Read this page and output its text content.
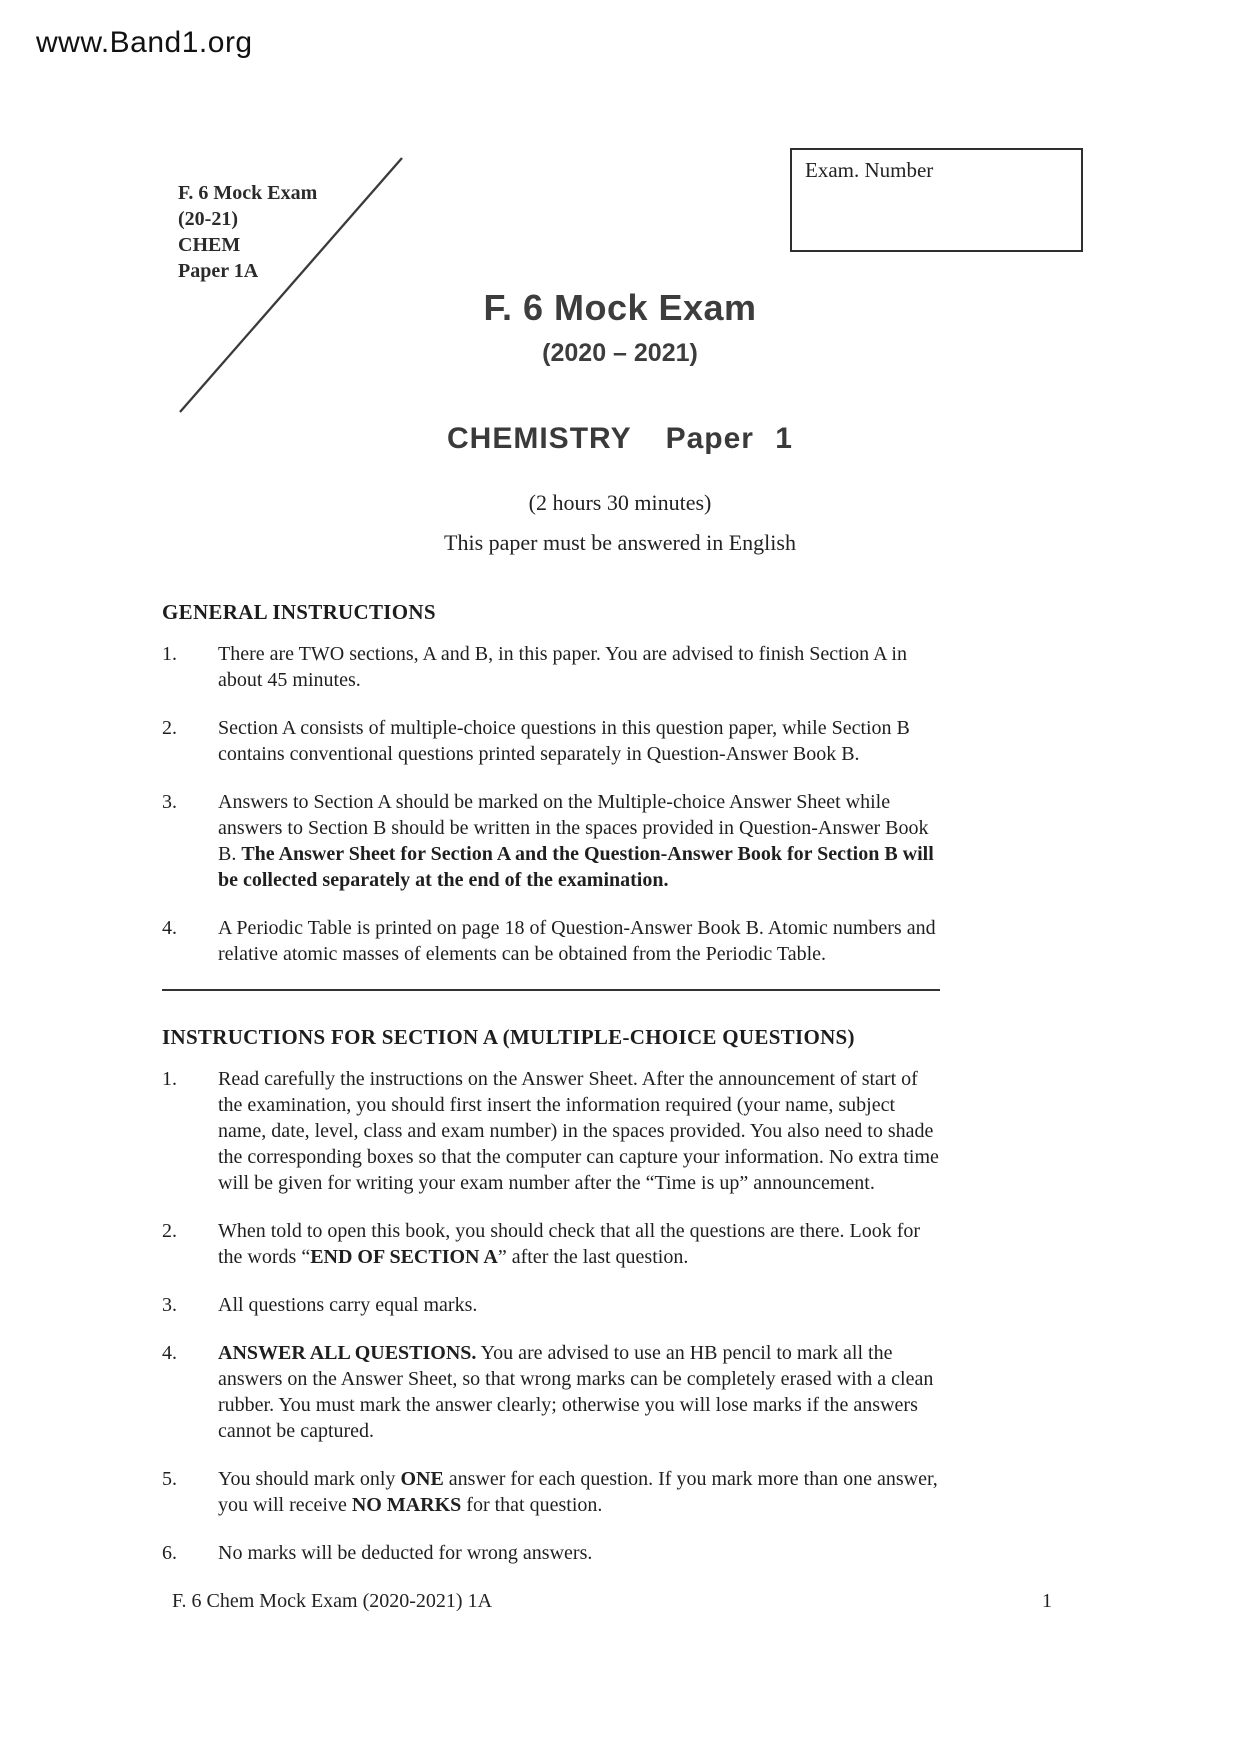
www.Band1.org
F. 6 Mock Exam
(20-21)
CHEM
Paper 1A
Exam. Number
F. 6 Mock Exam
(2020 – 2021)
CHEMISTRY Paper 1
(2 hours 30 minutes)
This paper must be answered in English
GENERAL INSTRUCTIONS
1.	There are TWO sections, A and B, in this paper. You are advised to finish Section A in about 45 minutes.
2.	Section A consists of multiple-choice questions in this question paper, while Section B contains conventional questions printed separately in Question-Answer Book B.
3.	Answers to Section A should be marked on the Multiple-choice Answer Sheet while answers to Section B should be written in the spaces provided in Question-Answer Book B. The Answer Sheet for Section A and the Question-Answer Book for Section B will be collected separately at the end of the examination.
4.	A Periodic Table is printed on page 18 of Question-Answer Book B. Atomic numbers and relative atomic masses of elements can be obtained from the Periodic Table.
INSTRUCTIONS FOR SECTION A (MULTIPLE-CHOICE QUESTIONS)
1.	Read carefully the instructions on the Answer Sheet. After the announcement of start of the examination, you should first insert the information required (your name, subject name, date, level, class and exam number) in the spaces provided. You also need to shade the corresponding boxes so that the computer can capture your information. No extra time will be given for writing your exam number after the “Time is up” announcement.
2.	When told to open this book, you should check that all the questions are there. Look for the words “END OF SECTION A” after the last question.
3.	All questions carry equal marks.
4.	ANSWER ALL QUESTIONS. You are advised to use an HB pencil to mark all the answers on the Answer Sheet, so that wrong marks can be completely erased with a clean rubber. You must mark the answer clearly; otherwise you will lose marks if the answers cannot be captured.
5.	You should mark only ONE answer for each question. If you mark more than one answer, you will receive NO MARKS for that question.
6.	No marks will be deducted for wrong answers.
F. 6 Chem Mock Exam (2020-2021) 1A	1
